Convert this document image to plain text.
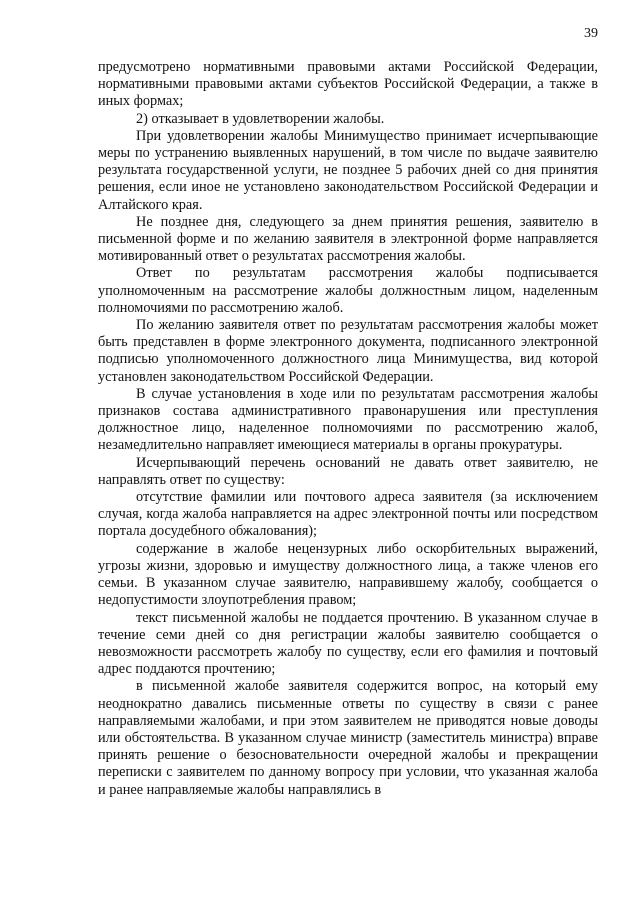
39

предусмотрено нормативными правовыми актами Российской Федерации, нормативными правовыми актами субъектов Российской Федерации, а также в иных формах;

2) отказывает в удовлетворении жалобы.

При удовлетворении жалобы Минимущество принимает исчерпывающие меры по устранению выявленных нарушений, в том числе по выдаче заявителю результата государственной услуги, не позднее 5 рабочих дней со дня принятия решения, если иное не установлено законодательством Российской Федерации и Алтайского края.

Не позднее дня, следующего за днем принятия решения, заявителю в письменной форме и по желанию заявителя в электронной форме направляется мотивированный ответ о результатах рассмотрения жалобы.

Ответ по результатам рассмотрения жалобы подписывается уполномоченным на рассмотрение жалобы должностным лицом, наделенным полномочиями по рассмотрению жалоб.

По желанию заявителя ответ по результатам рассмотрения жалобы может быть представлен в форме электронного документа, подписанного электронной подписью уполномоченного должностного лица Минимущества, вид которой установлен законодательством Российской Федерации.

В случае установления в ходе или по результатам рассмотрения жалобы признаков состава административного правонарушения или преступления должностное лицо, наделенное полномочиями по рассмотрению жалоб, незамедлительно направляет имеющиеся материалы в органы прокуратуры.

Исчерпывающий перечень оснований не давать ответ заявителю, не направлять ответ по существу:

отсутствие фамилии или почтового адреса заявителя (за исключением случая, когда жалоба направляется на адрес электронной почты или посредством портала досудебного обжалования);

содержание в жалобе нецензурных либо оскорбительных выражений, угрозы жизни, здоровью и имуществу должностного лица, а также членов его семьи. В указанном случае заявителю, направившему жалобу, сообщается о недопустимости злоупотребления правом;

текст письменной жалобы не поддается прочтению. В указанном случае в течение семи дней со дня регистрации жалобы заявителю сообщается о невозможности рассмотреть жалобу по существу, если его фамилия и почтовый адрес поддаются прочтению;

в письменной жалобе заявителя содержится вопрос, на который ему неоднократно давались письменные ответы по существу в связи с ранее направляемыми жалобами, и при этом заявителем не приводятся новые доводы или обстоятельства. В указанном случае министр (заместитель министра) вправе принять решение о безосновательности очередной жалобы и прекращении переписки с заявителем по данному вопросу при условии, что указанная жалоба и ранее направляемые жалобы направлялись в
